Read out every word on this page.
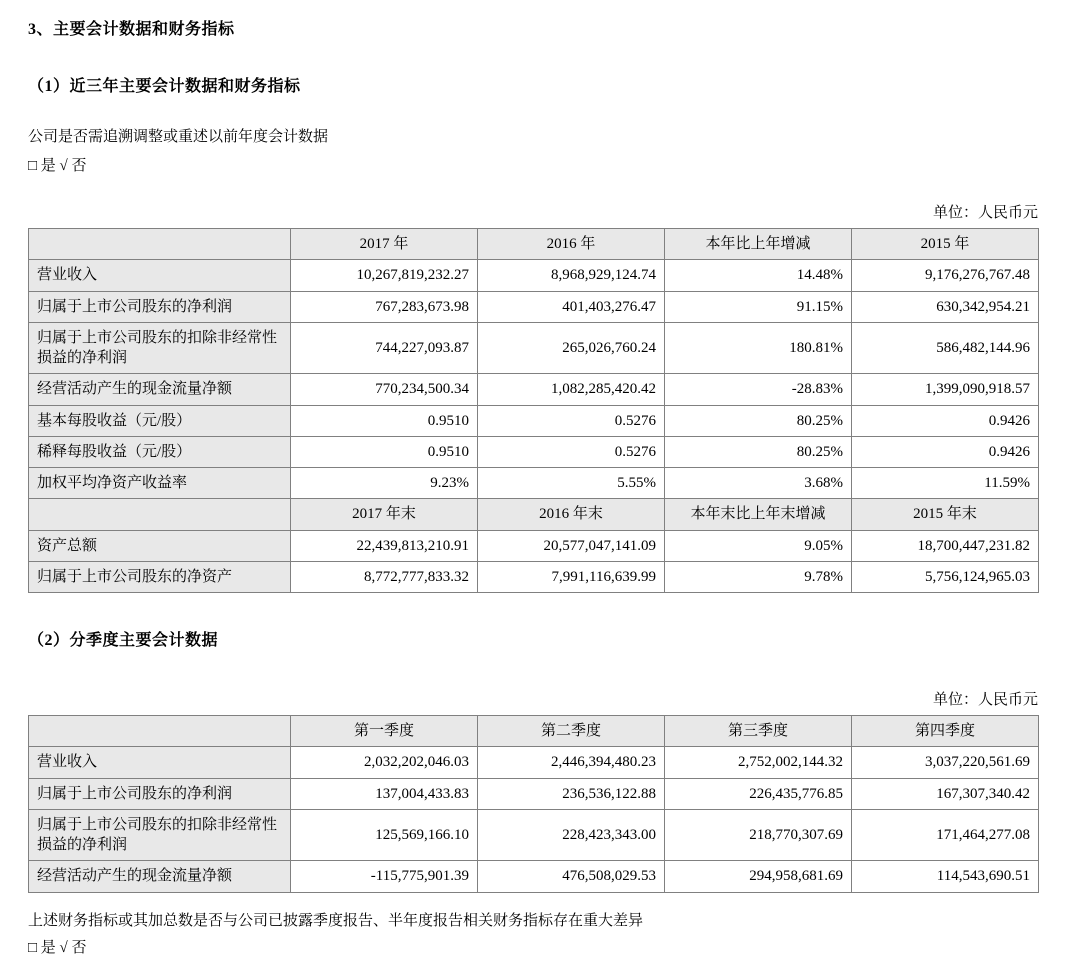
3、主要会计数据和财务指标
（1）近三年主要会计数据和财务指标

公司是否需追溯调整或重述以前年度会计数据

□ 是 √ 否

单位：人民币元
	2017 年	2016 年	本年比上年增减	2015 年
营业收入	10,267,819,232.27	8,968,929,124.74	14.48%	9,176,276,767.48
归属于上市公司股东的净利润	767,283,673.98	401,403,276.47	91.15%	630,342,954.21
归属于上市公司股东的扣除非经常性损益的净利润	744,227,093.87	265,026,760.24	180.81%	586,482,144.96
经营活动产生的现金流量净额	770,234,500.34	1,082,285,420.42	-28.83%	1,399,090,918.57
基本每股收益（元/股）	0.9510	0.5276	80.25%	0.9426
稀释每股收益（元/股）	0.9510	0.5276	80.25%	0.9426
加权平均净资产收益率	9.23%	5.55%	3.68%	11.59%
	2017 年末	2016 年末	本年末比上年末增减	2015 年末
资产总额	22,439,813,210.91	20,577,047,141.09	9.05%	18,700,447,231.82
归属于上市公司股东的净资产	8,772,777,833.32	7,991,116,639.99	9.78%	5,756,124,965.03
（2）分季度主要会计数据
单位：人民币元
	第一季度	第二季度	第三季度	第四季度
营业收入	2,032,202,046.03	2,446,394,480.23	2,752,002,144.32	3,037,220,561.69
归属于上市公司股东的净利润	137,004,433.83	236,536,122.88	226,435,776.85	167,307,340.42
归属于上市公司股东的扣除非经常性损益的净利润	125,569,166.10	228,423,343.00	218,770,307.69	171,464,277.08
经营活动产生的现金流量净额	-115,775,901.39	476,508,029.53	294,958,681.69	114,543,690.51

上述财务指标或其加总数是否与公司已披露季度报告、半年度报告相关财务指标存在重大差异

□ 是 √ 否
